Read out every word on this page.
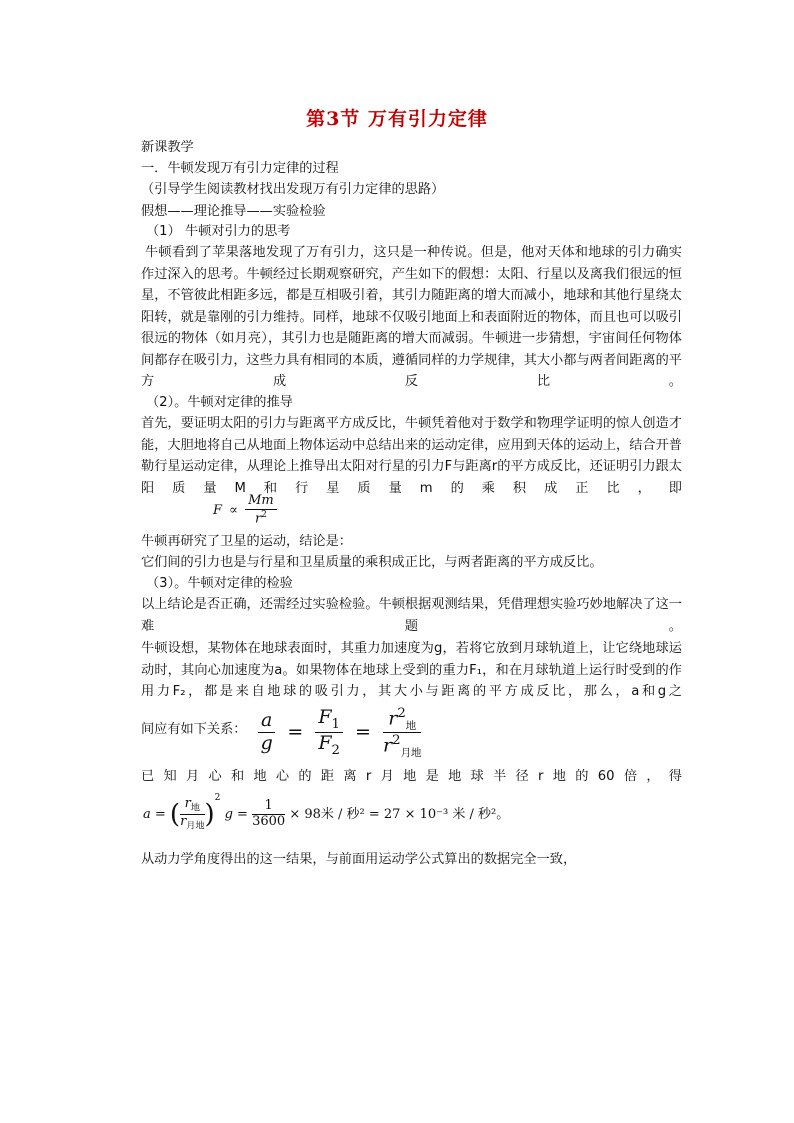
第3节 万有引力定律
新课教学
一．牛顿发现万有引力定律的过程
（引导学生阅读教材找出发现万有引力定律的思路）
假想——理论推导——实验检验
（1） 牛顿对引力的思考
牛顿看到了苹果落地发现了万有引力，这只是一种传说。但是，他对天体和地球的引力确实作过深入的思考。牛顿经过长期观察研究，产生如下的假想：太阳、行星以及离我们很远的恒星，不管彼此相距多远，都是互相吸引着，其引力随距离的增大而减小，地球和其他行星绕太阳转，就是靠刚的引力维持。同样，地球不仅吸引地面上和表面附近的物体，而且也可以吸引很远的物体（如月亮），其引力也是随距离的增大而减弱。牛顿进一步猜想，宇宙间任何物体间都存在吸引力，这些力具有相同的本质，遵循同样的力学规律，其大小都与两者间距离的平方成反比。
（2）。牛顿对定律的推导
首先，要证明太阳的引力与距离平方成反比，牛顿凭着他对于数学和物理学证明的惊人创造才能，大胆地将自己从地面上物体运动中总结出来的运动定律，应用到天体的运动上，结合开普勒行星运动定律，从理论上推导出太阳对行星的引力F与距离r的平方成反比，还证明引力跟太阳质量M和行星质量m的乘积成正比，即
$F \propto \frac{Mm}{r^2}$
牛顿再研究了卫星的运动，结论是：
它们间的引力也是与行星和卫星质量的乘积成正比，与两者距离的平方成反比。
（3）。牛顿对定律的检验
以上结论是否正确，还需经过实验检验。牛顿根据观测结果，凭借理想实验巧妙地解决了这一难题。
牛顿设想，某物体在地球表面时，其重力加速度为g，若将它放到月球轨道上，让它绕地球运动时，其向心加速度为a。如果物体在地球上受到的重力F₁，和在月球轨道上运行时受到的作用力F₂，都是来自地球的吸引力，其大小与距离的平方成反比，那么，a和g之
间应有如下关系： $\frac{a}{g} = \frac{F_1}{F_2} = \frac{r^2_地}{r^2_{月地}}$
已知月心和地心的距离r月地是地球半径r地的60倍，得
a = ( $\frac{r_地}{r_{月地}} )^2$ $g = \frac{1}{3600} \times 98$米 / 秒² = 27 × 10⁻³ 米 / 秒²。
从动力学角度得出的这一结果，与前面用运动学公式算出的数据完全一致，
